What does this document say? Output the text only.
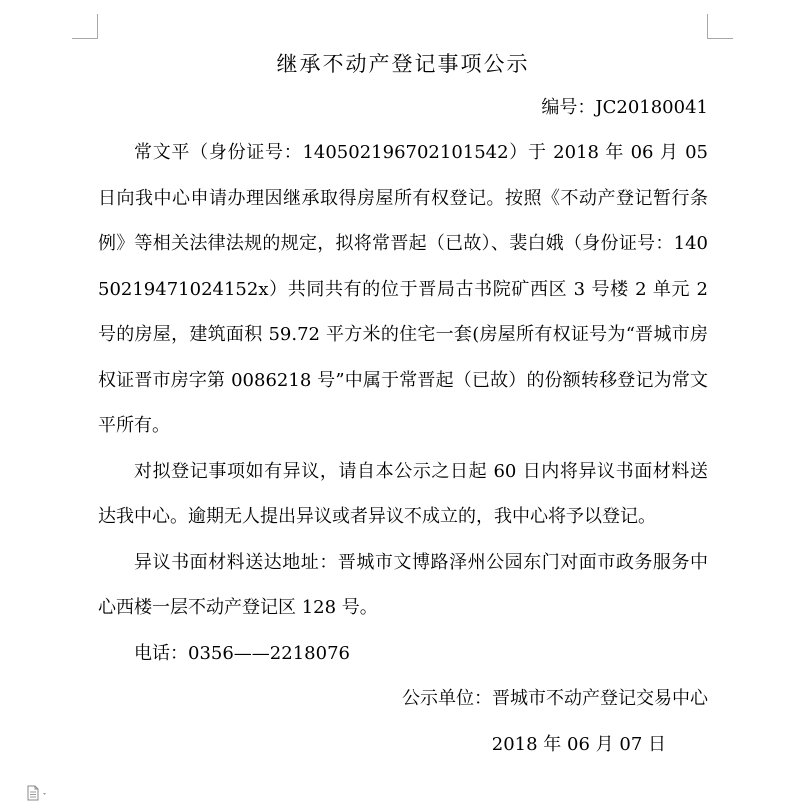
继承不动产登记事项公示
编号：JC20180041

常文平（身份证号：140502196702101542）于 2018 年 06 月 05 日向我中心申请办理因继承取得房屋所有权登记。按照《不动产登记暂行条例》等相关法律法规的规定，拟将常晋起（已故）、裴白娥（身份证号：14050219471024152x）共同共有的位于晋局古书院矿西区 3 号楼 2 单元 2 号的房屋，建筑面积 59.72 平方米的住宅一套(房屋所有权证号为“晋城市房权证晋市房字第 0086218 号”中属于常晋起（已故）的份额转移登记为常文平所有。

对拟登记事项如有异议，请自本公示之日起 60 日内将异议书面材料送达我中心。逾期无人提出异议或者异议不成立的，我中心将予以登记。

异议书面材料送达地址：晋城市文博路泽州公园东门对面市政务服务中心西楼一层不动产登记区 128 号。

电话：0356——2218076

公示单位：晋城市不动产登记交易中心
2018 年 06 月 07 日
